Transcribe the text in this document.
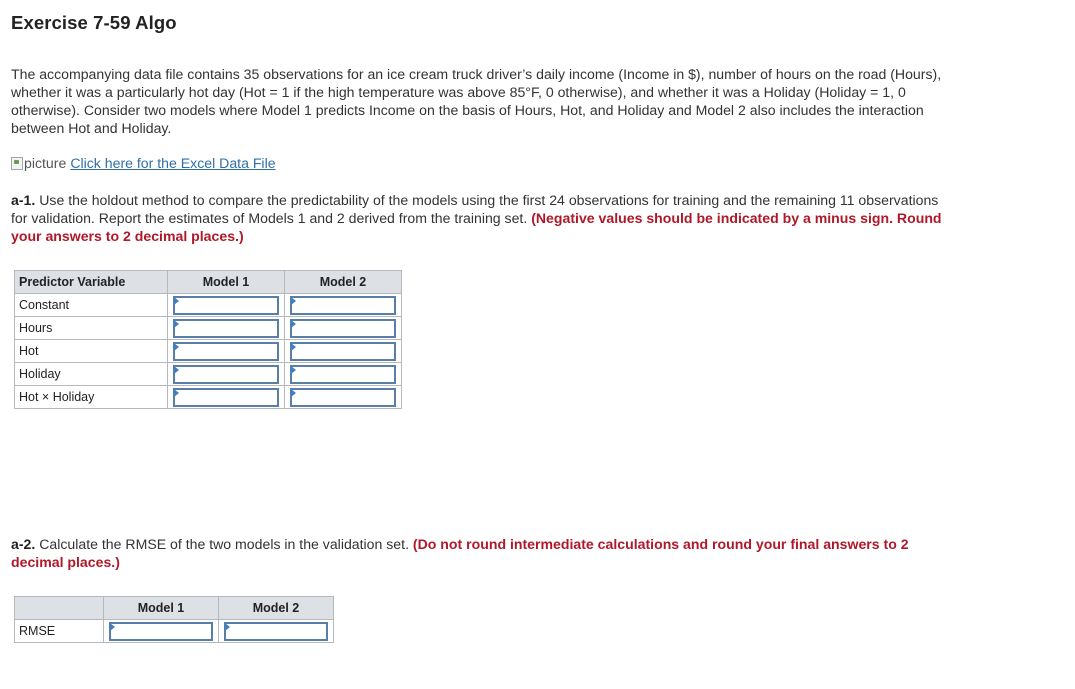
Exercise 7-59 Algo
The accompanying data file contains 35 observations for an ice cream truck driver’s daily income (Income in $), number of hours on the road (Hours), whether it was a particularly hot day (Hot = 1 if the high temperature was above 85°F, 0 otherwise), and whether it was a Holiday (Holiday = 1, 0 otherwise). Consider two models where Model 1 predicts Income on the basis of Hours, Hot, and Holiday and Model 2 also includes the interaction between Hot and Holiday.
picture Click here for the Excel Data File
a-1. Use the holdout method to compare the predictability of the models using the first 24 observations for training and the remaining 11 observations for validation. Report the estimates of Models 1 and 2 derived from the training set. (Negative values should be indicated by a minus sign. Round your answers to 2 decimal places.)
Predictor Variable	Model 1	Model 2
Constant	

Hours	

Hot	

Holiday	

Hot × Holiday	

a-2. Calculate the RMSE of the two models in the validation set. (Do not round intermediate calculations and round your final answers to 2 decimal places.)
	Model 1	Model 2
RMSE	
